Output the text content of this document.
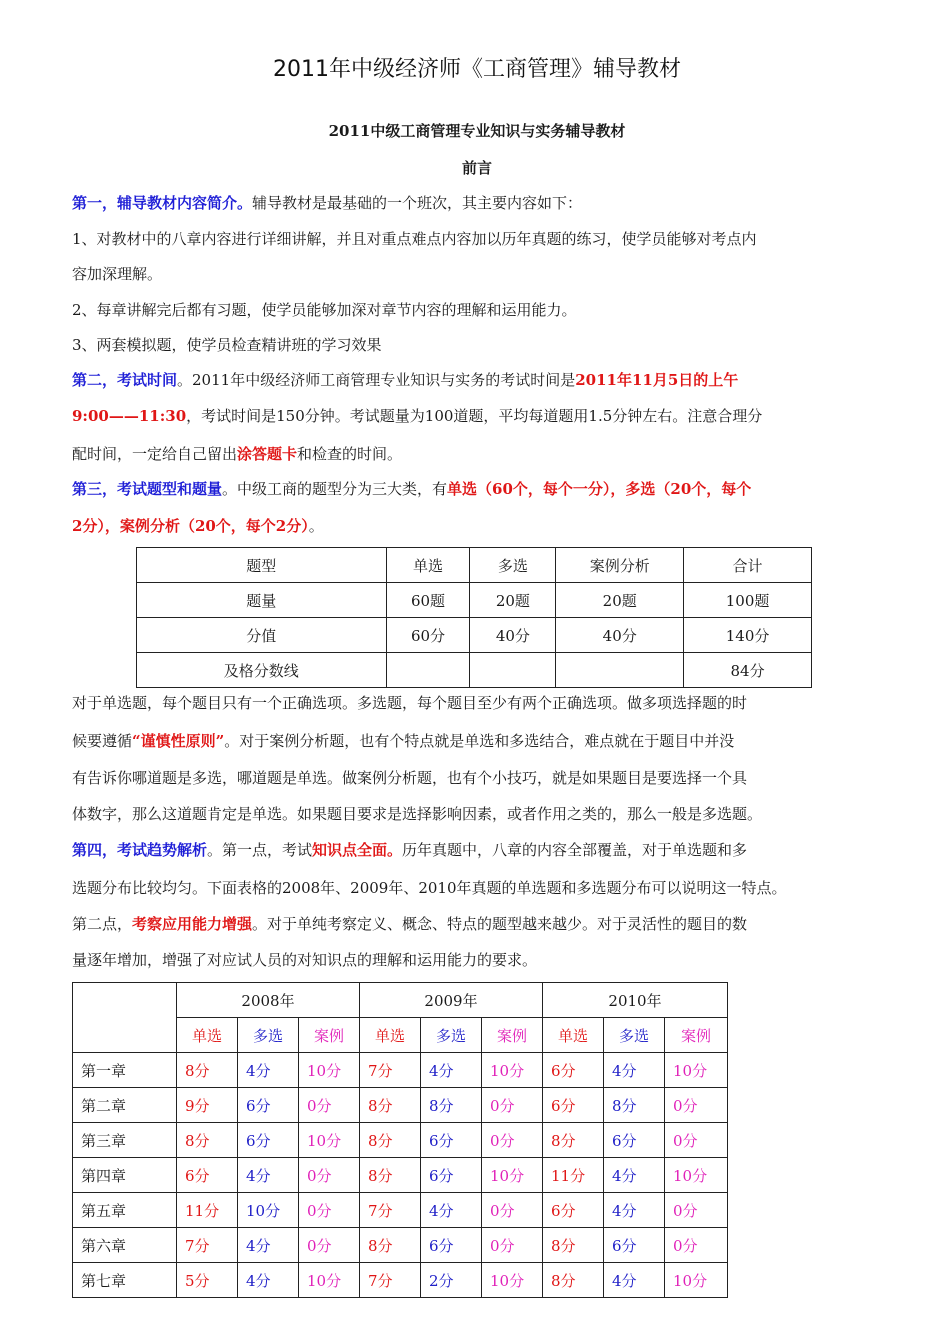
2011年中级经济师《工商管理》辅导教材
2011中级工商管理专业知识与实务辅导教材
前言
第一，辅导教材内容简介。辅导教材是最基础的一个班次，其主要内容如下：
1、对教材中的八章内容进行详细讲解，并且对重点难点内容加以历年真题的练习，使学员能够对考点内
容加深理解。
2、每章讲解完后都有习题，使学员能够加深对章节内容的理解和运用能力。
3、两套模拟题，使学员检查精讲班的学习效果
第二，考试时间。2011年中级经济师工商管理专业知识与实务的考试时间是2011年11月5日的上午
9:00——11:30，考试时间是150分钟。考试题量为100道题，平均每道题用1.5分钟左右。注意合理分
配时间，一定给自己留出涂答题卡和检查的时间。
第三，考试题型和题量。中级工商的题型分为三大类，有单选（60个，每个一分），多选（20个，每个
2分），案例分析（20个，每个2分）。
题型	单选	多选	案例分析	合计
题量	60题	20题	20题	100题
分值	60分	40分	40分	140分
及格分数线				84分
对于单选题，每个题目只有一个正确选项。多选题，每个题目至少有两个正确选项。做多项选择题的时
候要遵循“谨慎性原则”。对于案例分析题，也有个特点就是单选和多选结合，难点就在于题目中并没
有告诉你哪道题是多选，哪道题是单选。做案例分析题，也有个小技巧，就是如果题目是要选择一个具
体数字，那么这道题肯定是单选。如果题目要求是选择影响因素，或者作用之类的，那么一般是多选题。
第四，考试趋势解析。第一点，考试知识点全面。历年真题中，八章的内容全部覆盖，对于单选题和多
选题分布比较均匀。下面表格的2008年、2009年、2010年真题的单选题和多选题分布可以说明这一特点。
第二点，考察应用能力增强。对于单纯考察定义、概念、特点的题型越来越少。对于灵活性的题目的数
量逐年增加，增强了对应试人员的对知识点的理解和运用能力的要求。
	2008年			2009年			2010年		
	单选	多选	案例	单选	多选	案例	单选	多选	案例
第一章	8分	4分	10分	7分	4分	10分	6分	4分	10分
第二章	9分	6分	0分	8分	8分	0分	6分	8分	0分
第三章	8分	6分	10分	8分	6分	0分	8分	6分	0分
第四章	6分	4分	0分	8分	6分	10分	11分	4分	10分
第五章	11分	10分	0分	7分	4分	0分	6分	4分	0分
第六章	7分	4分	0分	8分	6分	0分	8分	6分	0分
第七章	5分	4分	10分	7分	2分	10分	8分	4分	10分
